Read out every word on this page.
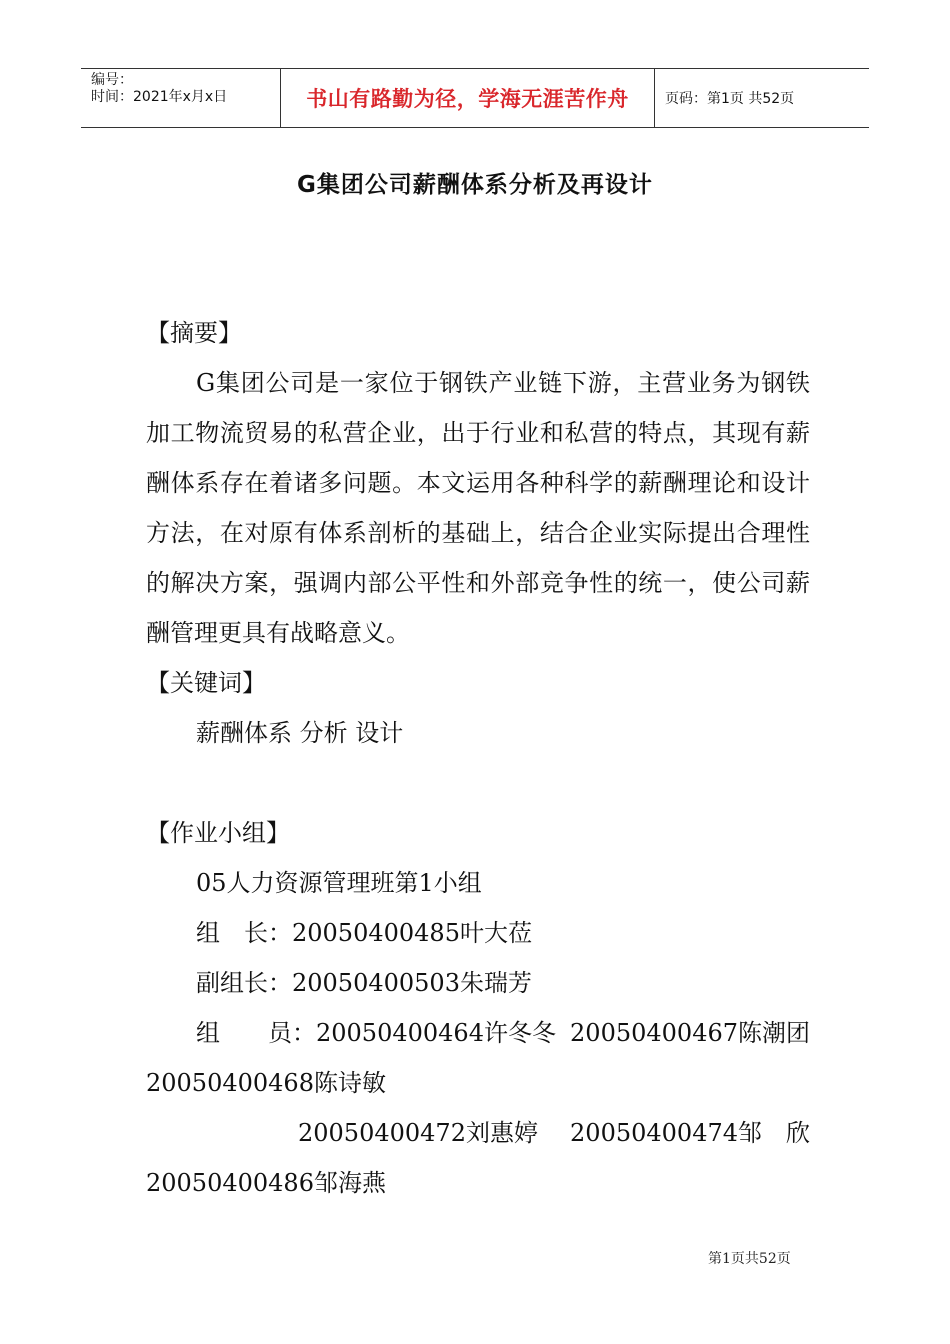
编号：
时间：2021年x月x日	书山有路勤为径，学海无涯苦作舟	页码：第1页 共52页
G集团公司薪酬体系分析及再设计

【摘要】

G集团公司是一家位于钢铁产业链下游，主营业务为钢铁加工物流贸易的私营企业，出于行业和私营的特点，其现有薪酬体系存在着诸多问题。本文运用各种科学的薪酬理论和设计方法，在对原有体系剖析的基础上，结合企业实际提出合理性的解决方案，强调内部公平性和外部竞争性的统一，使公司薪酬管理更具有战略意义。

【关键词】

薪酬体系 分析 设计

【作业小组】

05人力资源管理班第1小组

组　长：20050400485叶大莅

副组长：20050400503朱瑞芳

组　　员：20050400464许冬冬 20050400467陈潮团

20050400468陈诗敏

20050400472刘惠婷 20050400474邹　欣

20050400486邹海燕

第1页共52页
